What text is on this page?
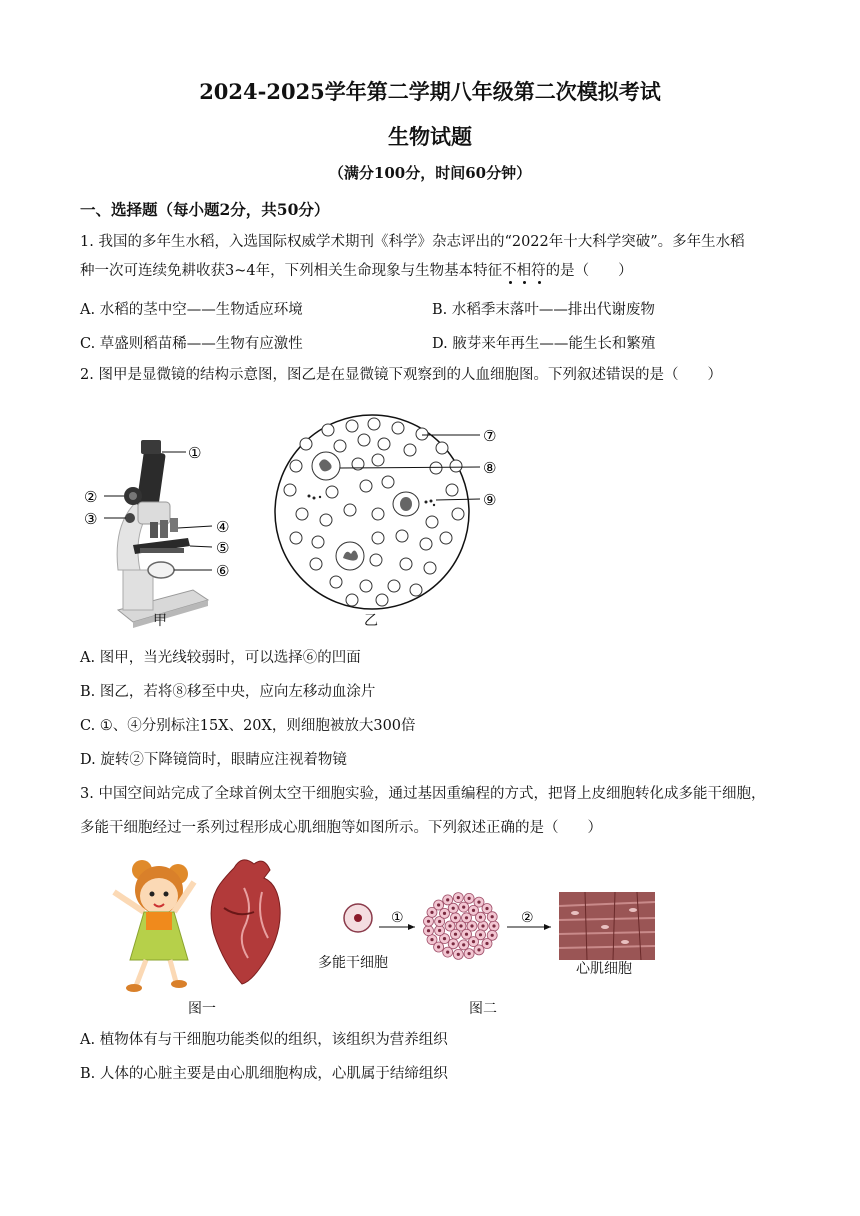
2024-2025学年第二学期八年级第二次模拟考试
生物试题
（满分100分，时间60分钟）
一、选择题（每小题2分，共50分）
1. 我国的多年生水稻，入选国际权威学术期刊《科学》杂志评出的“2022年十大科学突破”。多年生水稻
种一次可连续免耕收获3~4年，下列相关生命现象与生物基本特征不相符的是（　　）
A. 水稻的茎中空——生物适应环境	B. 水稻季末落叶——排出代谢废物
C. 草盛则稻苗稀——生物有应激性	D. 腋芽来年再生——能生长和繁殖
2. 图甲是显微镜的结构示意图，图乙是在显微镜下观察到的人血细胞图。下列叙述错误的是（　　）
①
②
③	④
⑤
⑥
甲
⑦
⑧
⑨
乙
A. 图甲，当光线较弱时，可以选择⑥的凹面
B. 图乙，若将⑧移至中央，应向左移动血涂片
C. ①、④分别标注15X、20X，则细胞被放大300倍
D. 旋转②下降镜筒时，眼睛应注视着物镜
3. 中国空间站完成了全球首例太空干细胞实验，通过基因重编程的方式，把肾上皮细胞转化成多能干细胞，
多能干细胞经过一系列过程形成心肌细胞等如图所示。下列叙述正确的是（　　）
图一
①	②
多能干细胞	心肌细胞
图二
A. 植物体有与干细胞功能类似的组织，该组织为营养组织
B. 人体的心脏主要是由心肌细胞构成，心肌属于结缔组织
